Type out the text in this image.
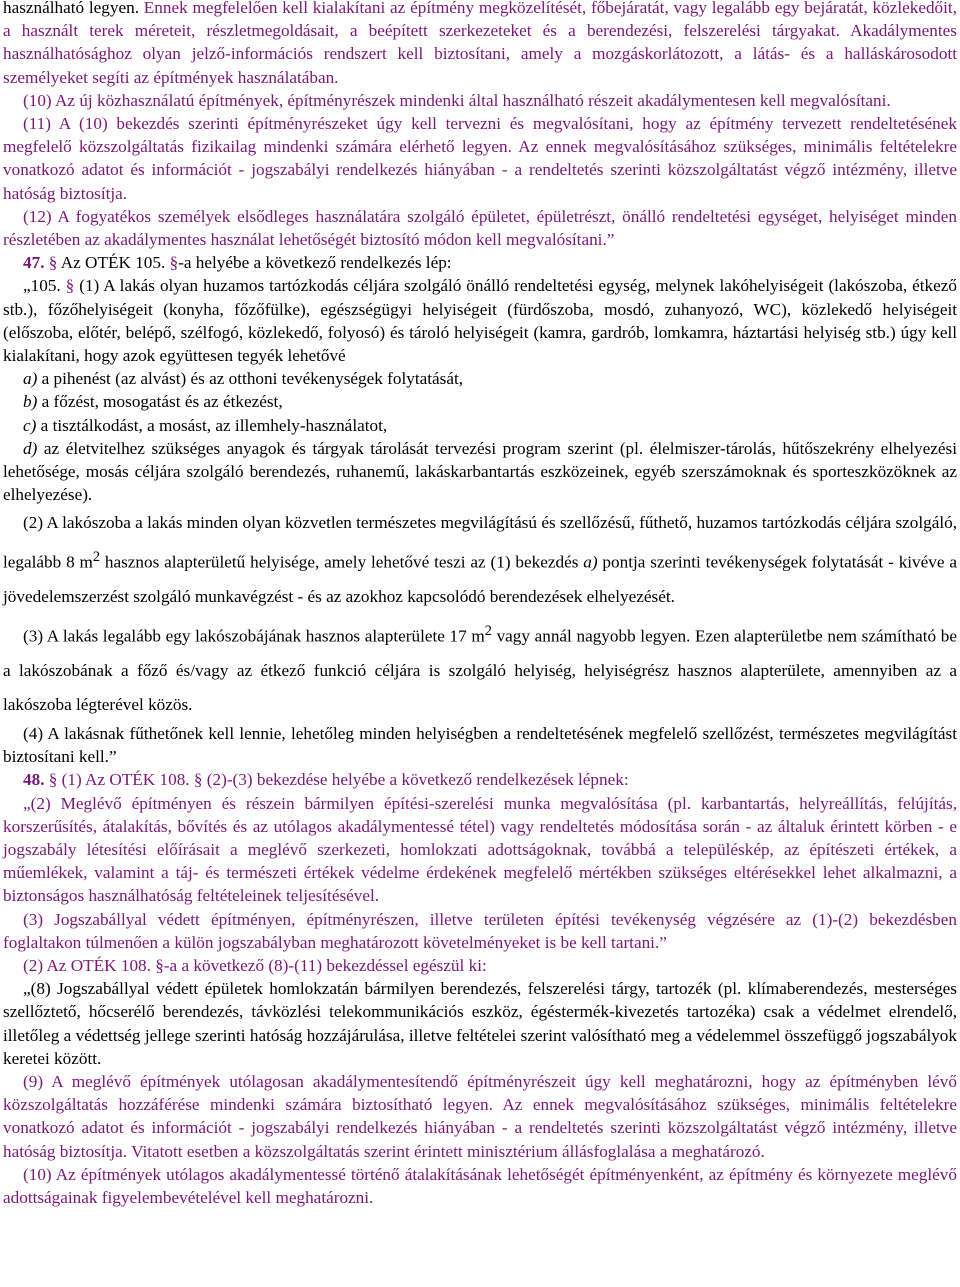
használható legyen. Ennek megfelelően kell kialakítani az építmény megközelítését, főbejáratát, vagy legalább egy bejáratát, közlekedőit, a használt terek méreteit, részletmegoldásait, a beépített szerkezeteket és a berendezési, felszerelési tárgyakat. Akadálymentes használhatósághoz olyan jelző-információs rendszert kell biztosítani, amely a mozgáskorlátozott, a látás- és a halláskárosodott személyeket segíti az építmények használatában.

(10) Az új közhasználatú építmények, építményrészek mindenki által használható részeit akadálymentesen kell megvalósítani.

(11) A (10) bekezdés szerinti építményrészeket úgy kell tervezni és megvalósítani, hogy az építmény tervezett rendeltetésének megfelelő közszolgáltatás fizikailag mindenki számára elérhető legyen. Az ennek megvalósításához szükséges, minimális feltételekre vonatkozó adatot és információt - jogszabályi rendelkezés hiányában - a rendeltetés szerinti közszolgáltatást végző intézmény, illetve hatóság biztosítja.

(12) A fogyatékos személyek elsődleges használatára szolgáló épületet, épületrészt, önálló rendeltetési egységet, helyiséget minden részletében az akadálymentes használat lehetőségét biztosító módon kell megvalósítani.”

47. § Az OTÉK 105. §-a helyébe a következő rendelkezés lép:

„105. § (1) A lakás olyan huzamos tartózkodás céljára szolgáló önálló rendeltetési egység, melynek lakóhelyiségeit (lakószoba, étkező stb.), főzőhelyiségeit (konyha, főzőfülke), egészségügyi helyiségeit (fürdőszoba, mosdó, zuhanyozó, WC), közlekedő helyiségeit (előszoba, előtér, belépő, szélfogó, közlekedő, folyosó) és tároló helyiségeit (kamra, gardrób, lomkamra, háztartási helyiség stb.) úgy kell kialakítani, hogy azok együttesen tegyék lehetővé

a) a pihenést (az alvást) és az otthoni tevékenységek folytatását,

b) a főzést, mosogatást és az étkezést,

c) a tisztálkodást, a mosást, az illemhely-használatot,

d) az életvitelhez szükséges anyagok és tárgyak tárolását tervezési program szerint (pl. élelmiszer-tárolás, hűtőszekrény elhelyezési lehetősége, mosás céljára szolgáló berendezés, ruhanemű, lakáskarbantartás eszközeinek, egyéb szerszámoknak és sporteszközöknek az elhelyezése).

(2) A lakószoba a lakás minden olyan közvetlen természetes megvilágítású és szellőzésű, fűthető, huzamos tartózkodás céljára szolgáló, legalább 8 $m^2$ hasznos alapterületű helyisége, amely lehetővé teszi az (1) bekezdés a) pontja szerinti tevékenységek folytatását - kivéve a jövedelemszerzést szolgáló munkavégzést - és az azokhoz kapcsolódó berendezések elhelyezését.

(3) A lakás legalább egy lakószobájának hasznos alapterülete 17 $m^2$ vagy annál nagyobb legyen. Ezen alapterületbe nem számítható be a lakószobának a főző és/vagy az étkező funkció céljára is szolgáló helyiség, helyiségrész hasznos alapterülete, amennyiben az a lakószoba légterével közös.

(4) A lakásnak fűthetőnek kell lennie, lehetőleg minden helyiségben a rendeltetésének megfelelő szellőzést, természetes megvilágítást biztosítani kell.”

48. § (1) Az OTÉK 108. § (2)-(3) bekezdése helyébe a következő rendelkezések lépnek:

„(2) Meglévő építményen és részein bármilyen építési-szerelési munka megvalósítása (pl. karbantartás, helyreállítás, felújítás, korszerűsítés, átalakítás, bővítés és az utólagos akadálymentessé tétel) vagy rendeltetés módosítása során - az általuk érintett körben - e jogszabály létesítési előírásait a meglévő szerkezeti, homlokzati adottságoknak, továbbá a településkép, az építészeti értékek, a műemlékek, valamint a táj- és természeti értékek védelme érdekének megfelelő mértékben szükséges eltérésekkel lehet alkalmazni, a biztonságos használhatóság feltételeinek teljesítésével.

(3) Jogszabállyal védett építményen, építményrészen, illetve területen építési tevékenység végzésére az (1)-(2) bekezdésben foglaltakon túlmenően a külön jogszabályban meghatározott követelményeket is be kell tartani.”

(2) Az OTÉK 108. §-a a következő (8)-(11) bekezdéssel egészül ki:

„(8) Jogszabállyal védett épületek homlokzatán bármilyen berendezés, felszerelési tárgy, tartozék (pl. klímaberendezés, mesterséges szellőztető, hőcserélő berendezés, távközlési telekommunikációs eszköz, égéstermék-kivezetés tartozéka) csak a védelmet elrendelő, illetőleg a védettség jellege szerinti hatóság hozzájárulása, illetve feltételei szerint valósítható meg a védelemmel összefüggő jogszabályok keretei között.

(9) A meglévő építmények utólagosan akadálymentesítendő építményrészeit úgy kell meghatározni, hogy az építményben lévő közszolgáltatás hozzáférése mindenki számára biztosítható legyen. Az ennek megvalósításához szükséges, minimális feltételekre vonatkozó adatot és információt - jogszabályi rendelkezés hiányában - a rendeltetés szerinti közszolgáltatást végző intézmény, illetve hatóság biztosítja. Vitatott esetben a közszolgáltatás szerint érintett minisztérium állásfoglalása a meghatározó.

(10) Az építmények utólagos akadálymentessé történő átalakításának lehetőségét építményenként, az építmény és környezete meglévő adottságainak figyelembevételével kell meghatározni.
